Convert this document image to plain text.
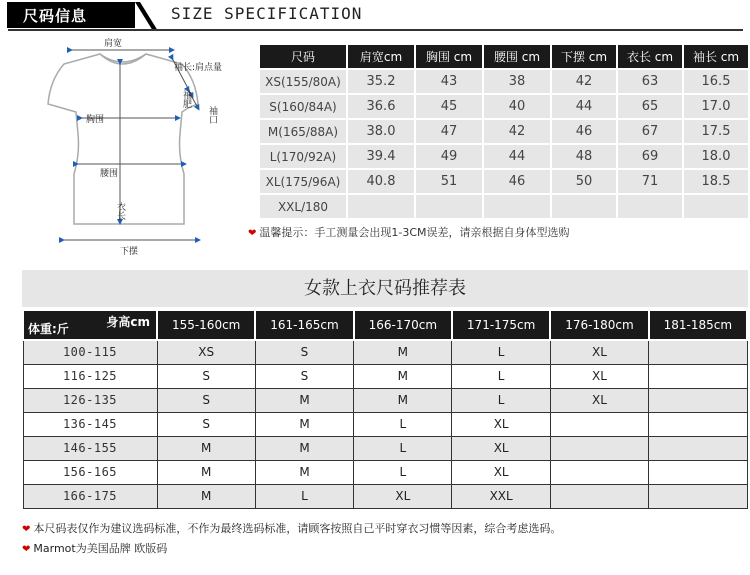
尺码信息	SIZE SPECIFICATION
肩宽
袖长:肩点量
袖肥
袖口
胸围
腰围
衣长
下摆
尺码	肩宽cm	胸围 cm	腰围 cm	下摆 cm	衣长 cm	袖长 cm
XS(155/80A)	35.2	43	38	42	63	16.5
S(160/84A)	36.6	45	40	44	65	17.0
M(165/88A)	38.0	47	42	46	67	17.5
L(170/92A)	39.4	49	44	48	69	18.0
XL(175/96A)	40.8	51	46	50	71	18.5
XXL/180						
❤ 温馨提示：手工测量会出现1-3CM误差，请亲根据自身体型选购
女款上衣尺码推荐表
身高cm
体重:斤	155-160cm	161-165cm	166-170cm	171-175cm	176-180cm	181-185cm
100-115	XS	S	M	L	XL	
116-125	S	S	M	L	XL	
126-135	S	M	M	L	XL	
136-145	S	M	L	XL		
146-155	M	M	L	XL		
156-165	M	M	L	XL		
166-175	M	L	XL	XXL		
❤ 本尺码表仅作为建议选码标准，不作为最终选码标准，请顾客按照自己平时穿衣习惯等因素，综合考虑选码。
❤ Marmot为美国品牌 欧版码
